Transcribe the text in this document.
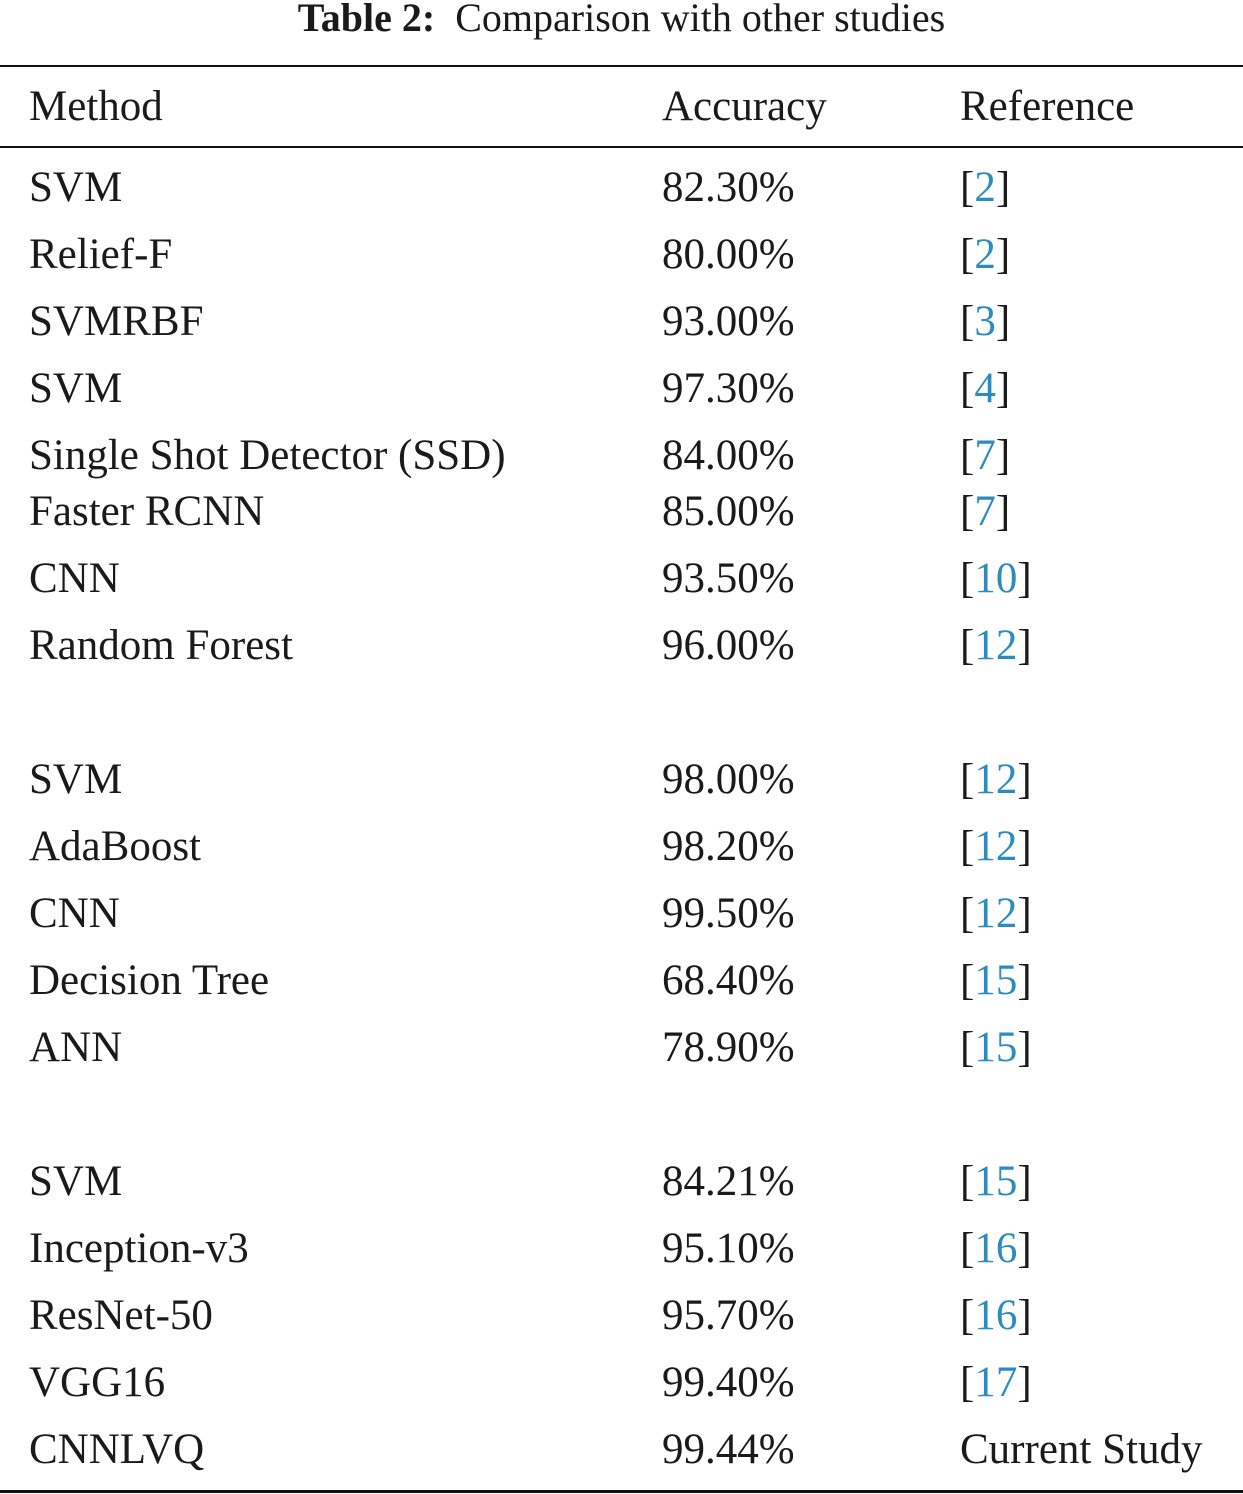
Table 2: Comparison with other studies
Method	Accuracy	Reference
SVM	82.30%	[2]
Relief-F	80.00%	[2]
SVMRBF	93.00%	[3]
SVM	97.30%	[4]
Single Shot Detector (SSD)	84.00%	[7]
Faster RCNN	85.00%	[7]
CNN	93.50%	[10]
Random Forest	96.00%	[12]
SVM	98.00%	[12]
AdaBoost	98.20%	[12]
CNN	99.50%	[12]
Decision Tree	68.40%	[15]
ANN	78.90%	[15]
SVM	84.21%	[15]
Inception-v3	95.10%	[16]
ResNet-50	95.70%	[16]
VGG16	99.40%	[17]
CNNLVQ	99.44%	Current Study
